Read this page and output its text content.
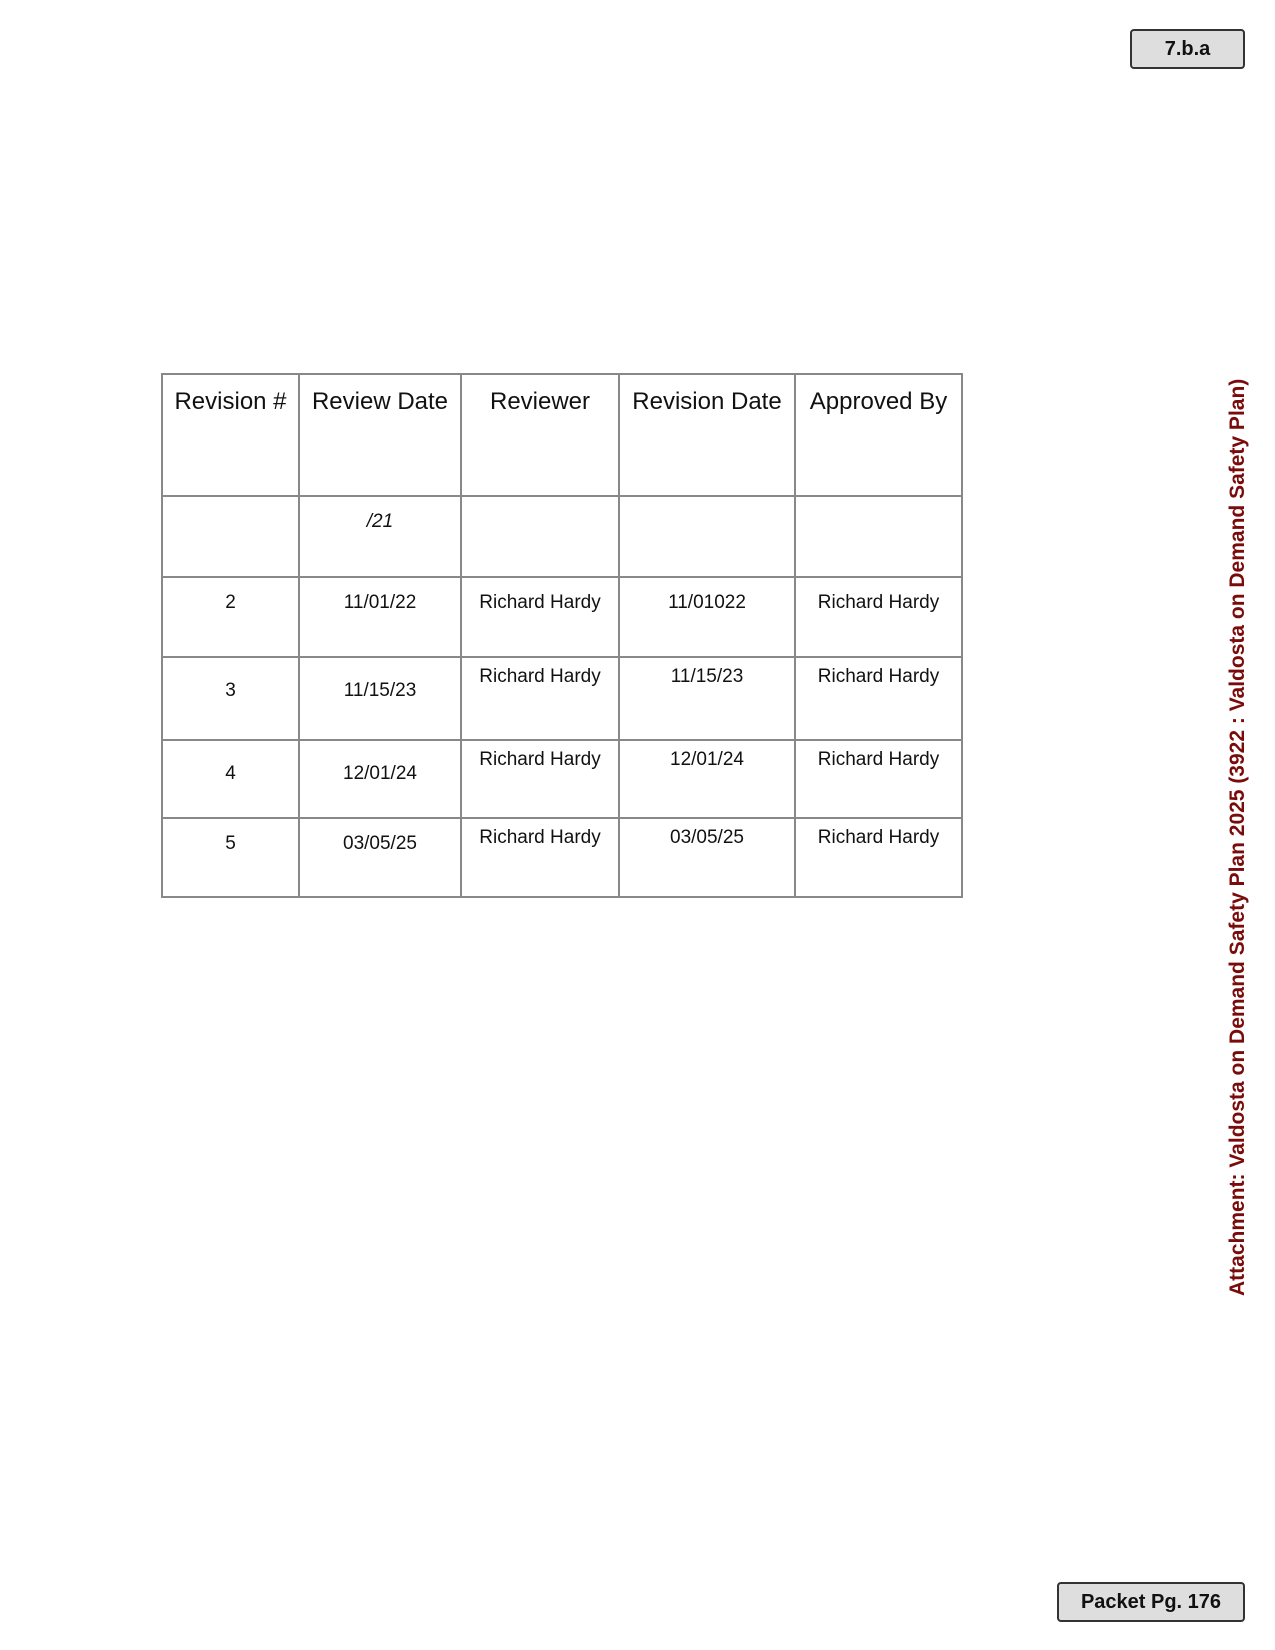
7.b.a
Attachment: Valdosta on Demand Safety Plan 2025 (3922 : Valdosta on Demand Safety Plan)
Revision #	Review Date	Reviewer	Revision Date	Approved By
	/21			
2	11/01/22	Richard Hardy	11/01022	Richard Hardy
3	11/15/23	Richard Hardy	11/15/23	Richard Hardy
4	12/01/24	Richard Hardy	12/01/24	Richard Hardy
5	03/05/25	Richard Hardy	03/05/25	Richard Hardy
Packet Pg. 176
